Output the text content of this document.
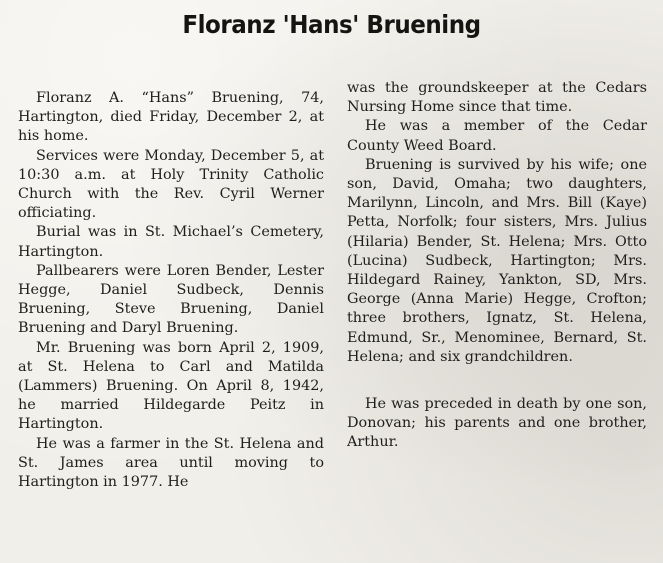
Floranz 'Hans' Bruening

Floranz A. “Hans” Bruening, 74, Hartington, died Friday, December 2, at his home.

Services were Monday, December 5, at 10:30 a.m. at Holy Trinity Catholic Church with the Rev. Cyril Werner officiating.

Burial was in St. Michael’s Cemetery, Hartington.

Pallbearers were Loren Bender, Lester Hegge, Daniel Sudbeck, Dennis Bruening, Steve Bruening, Daniel Bruening and Daryl Bruening.

Mr. Bruening was born April 2, 1909, at St. Helena to Carl and Matilda (Lammers) Bruening. On April 8, 1942, he married Hildegarde Peitz in Hartington.

He was a farmer in the St. Helena and St. James area until moving to Hartington in 1977. He

was the groundskeeper at the Cedars Nursing Home since that time.

He was a member of the Cedar County Weed Board.

Bruening is survived by his wife; one son, David, Omaha; two daughters, Marilynn, Lincoln, and Mrs. Bill (Kaye) Petta, Norfolk; four sisters, Mrs. Julius (Hilaria) Bender, St. Helena; Mrs. Otto (Lucina) Sudbeck, Hartington; Mrs. Hildegard Rainey, Yankton, SD, Mrs. George (Anna Marie) Hegge, Crofton; three brothers, Ignatz, St. Helena, Edmund, Sr., Menominee, Bernard, St. Helena; and six grandchildren.

He was preceded in death by one son, Donovan; his parents and one brother, Arthur.
